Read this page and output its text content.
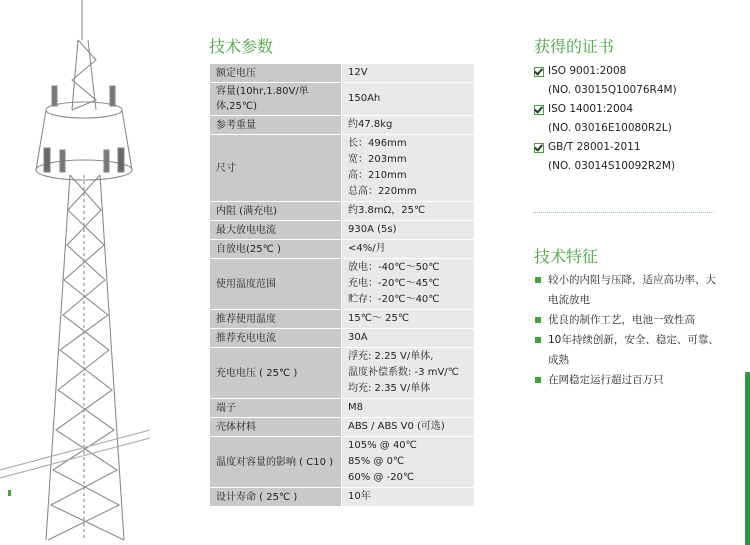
技术参数
额定电压	12V

容量(10hr,1.80V/单体,25℃)	150Ah

参考重量	约47.8kg

尺寸	长：496mm
宽：203mm
高：210mm
总高：220mm

内阻 (满充电)	约3.8mΩ，25℃

最大放电电流	930A (5s)

自放电(25℃ )	<4%/月

使用温度范围	放电：-40℃～50℃
充电：-20℃～45℃
贮存：-20℃～40℃

推荐使用温度	15℃～ 25℃

推荐充电电流	30A

充电电压 ( 25℃ )	浮充: 2.25 V/单体,
温度补偿系数: -3 mV/℃
均充: 2.35 V/单体

端子	M8

壳体材料	ABS / ABS V0 (可选)

温度对容量的影响 ( C10 )	105% @ 40℃
85% @ 0℃
60% @ -20℃

设计寿命 ( 25℃ )	10年
获得的证书
ISO 9001:2008
(NO. 03015Q10076R4M)
ISO 14001:2004
(NO. 03016E10080R2L)
GB/T 28001-2011
(NO. 03014S10092R2M)
技术特征
较小的内阻与压降，适应高功率、大
电流放电
优良的制作工艺，电池一致性高
10年持续创新，安全、稳定、可靠、
成熟
在网稳定运行超过百万只
